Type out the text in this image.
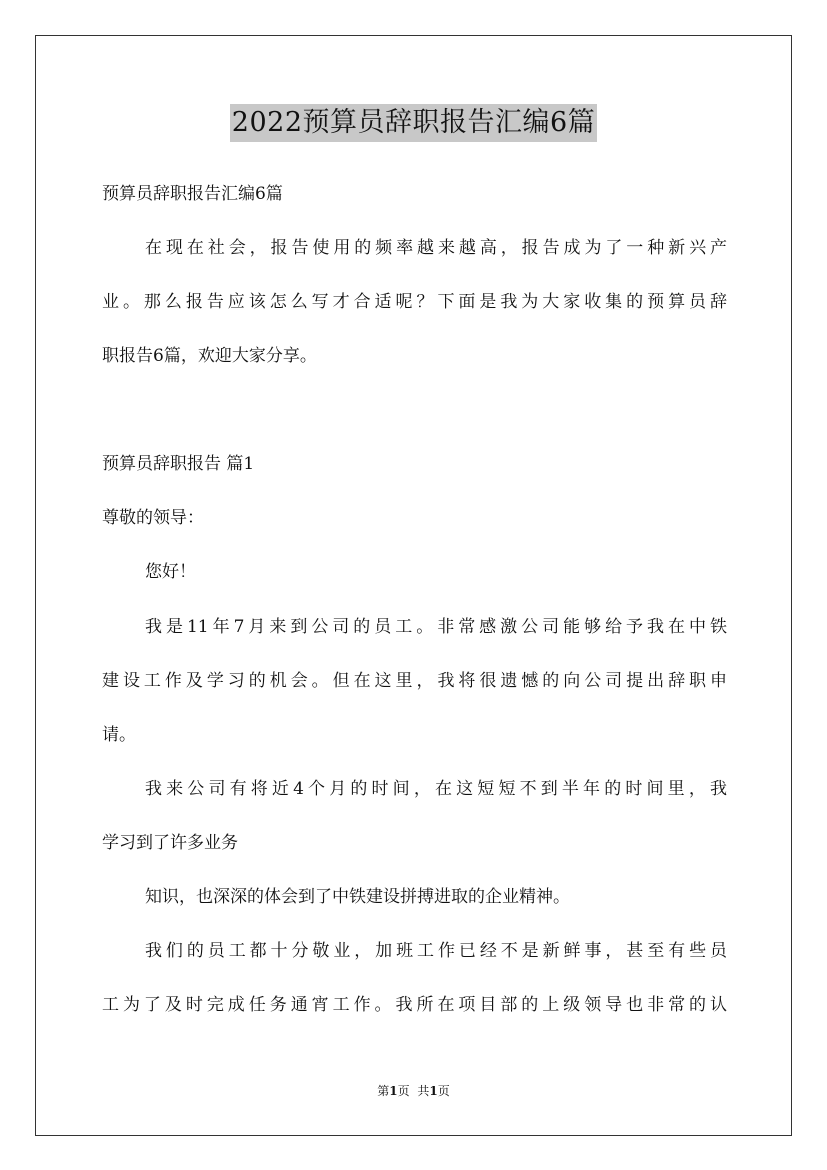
2022预算员辞职报告汇编6篇
预算员辞职报告汇编6篇
在现在社会，报告使用的频率越来越高，报告成为了一种新兴产
业。那么报告应该怎么写才合适呢？下面是我为大家收集的预算员辞
职报告6篇，欢迎大家分享。
预算员辞职报告 篇1
尊敬的领导：
您好！
我是11年7月来到公司的员工。非常感激公司能够给予我在中铁
建设工作及学习的机会。但在这里，我将很遗憾的向公司提出辞职申
请。
我来公司有将近4个月的时间，在这短短不到半年的时间里，我
学习到了许多业务
知识，也深深的体会到了中铁建设拼搏进取的企业精神。
我们的员工都十分敬业，加班工作已经不是新鲜事，甚至有些员
工为了及时完成任务通宵工作。我所在项目部的上级领导也非常的认
第1页 共1页
